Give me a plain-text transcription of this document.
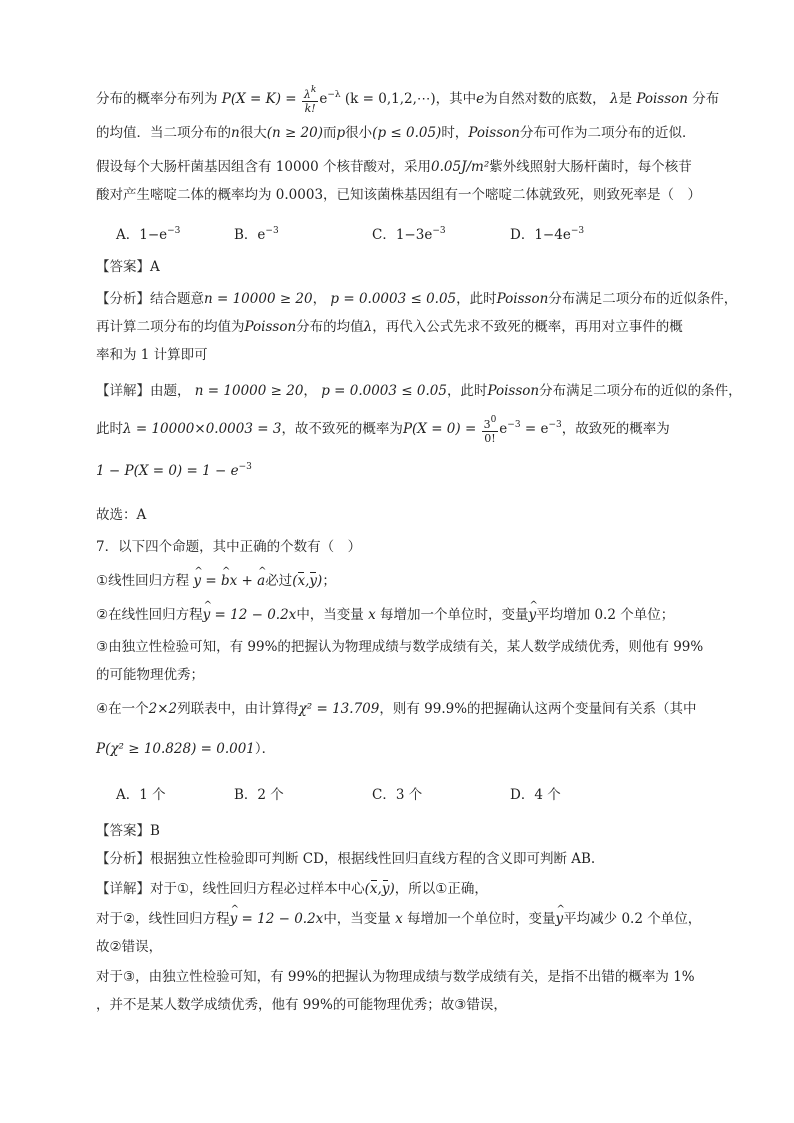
分布的概率分布列为 $P(X = K) = \frac{\lambda^k}{k!} e^{-\lambda}$ (k = 0,1,2,⋯)，其中e为自然对数的底数， λ是 Poisson 分布
的均值．当二项分布的n很大(n ≥ 20)而p很小(p ≤ 0.05)时，Poisson分布可作为二项分布的近似．
假设每个大肠杆菌基因组含有 10000 个核苷酸对，采用0.05J/m²紫外线照射大肠杆菌时，每个核苷
酸对产生嘧啶二体的概率均为 0.0003，已知该菌株基因组有一个嘧啶二体就致死，则致死率是（　）
A．$1-e^{-3}$	B．$e^{-3}$	C．$1-3e^{-3}$	D．$1-4e^{-3}$
【答案】A
【分析】结合题意n = 10000 ≥ 20， p = 0.0003 ≤ 0.05，此时Poisson分布满足二项分布的近似条件，
再计算二项分布的均值为Poisson分布的均值λ，再代入公式先求不致死的概率，再用对立事件的概
率和为 1 计算即可
【详解】由题， n = 10000 ≥ 20， p = 0.0003 ≤ 0.05，此时Poisson分布满足二项分布的近似的条件，
此时λ = 10000×0.0003 = 3，故不致死的概率为$P(X = 0) = \frac{3^0}{0!} e^{-3} = e^{-3}$，故致死的概率为
$1 - P(X = 0) = 1 - e^{-3}$
故选：A
7．以下四个命题，其中正确的个数有（　）
①线性回归方程 ^ y = ^ bx + ^ a必过(x,y)；
②在线性回归方程^ y = 12 − 0.2x中，当变量 x 每增加一个单位时，变量^ y平均增加 0.2 个单位；
③由独立性检验可知，有 99%的把握认为物理成绩与数学成绩有关，某人数学成绩优秀，则他有 99%
的可能物理优秀；
④在一个2×2列联表中，由计算得χ² = 13.709，则有 99.9%的把握确认这两个变量间有关系（其中
P(χ² ≥ 10.828) = 0.001）．
A．1 个	B．2 个	C．3 个	D．4 个
【答案】B
【分析】根据独立性检验即可判断 CD，根据线性回归直线方程的含义即可判断 AB.
【详解】对于①，线性回归方程必过样本中心(x,y)，所以①正确，
对于②，线性回归方程^ y = 12 − 0.2x中，当变量 x 每增加一个单位时，变量^ y平均减少 0.2 个单位，
故②错误，
对于③，由独立性检验可知，有 99%的把握认为物理成绩与数学成绩有关，是指不出错的概率为 1%
，并不是某人数学成绩优秀，他有 99%的可能物理优秀；故③错误，
